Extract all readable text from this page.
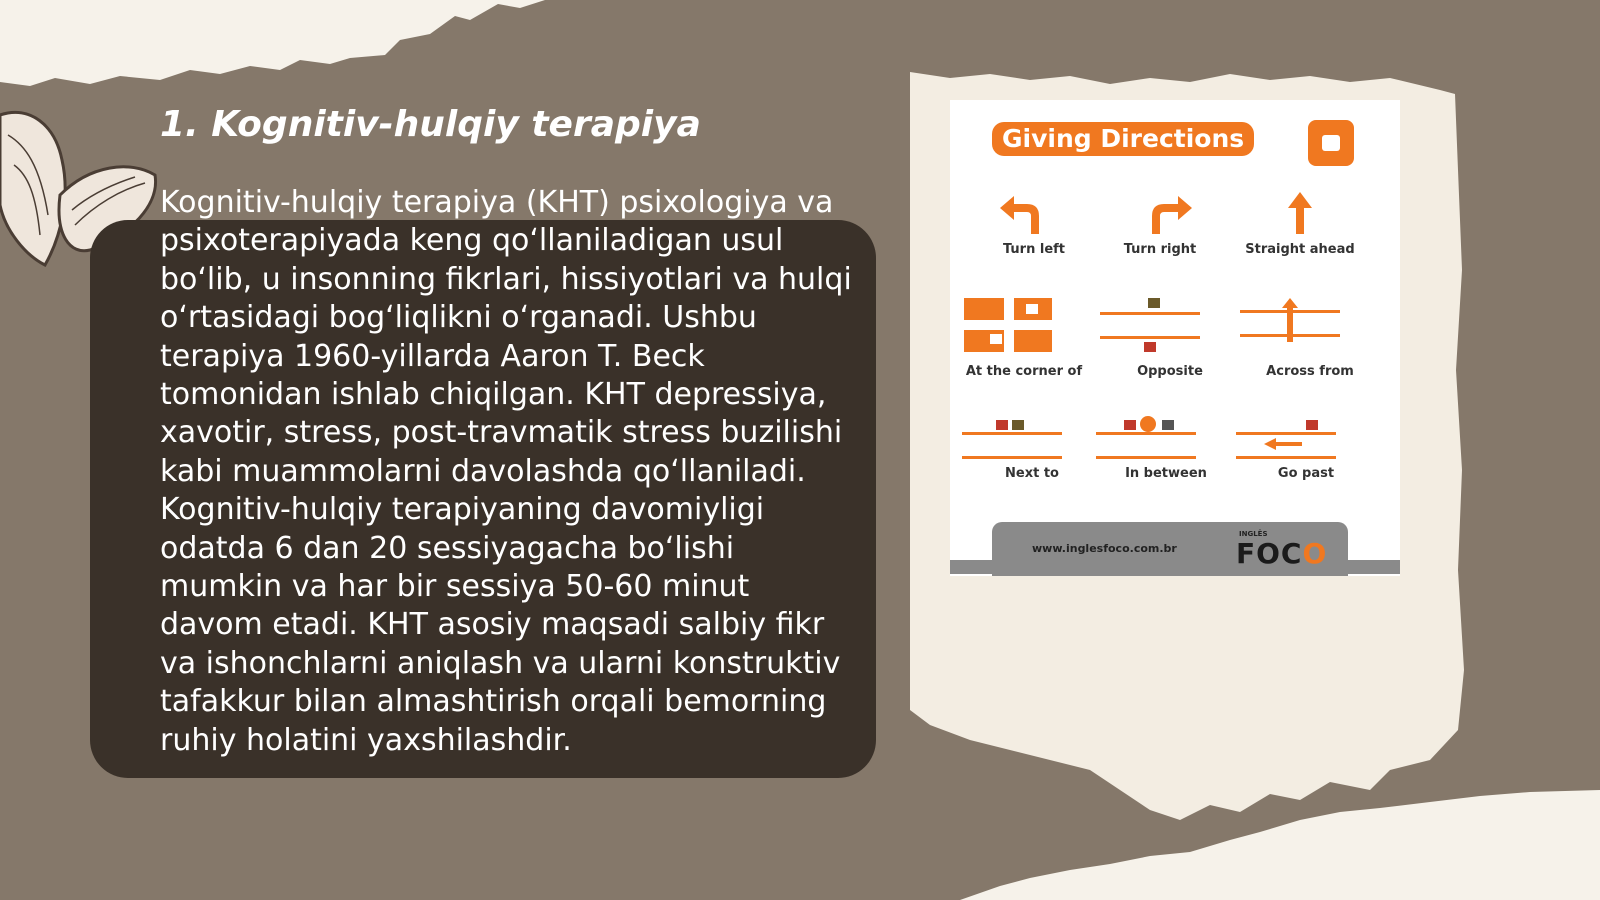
1. Kognitiv-hulqiy terapiya
Kognitiv-hulqiy terapiya (KHT) psixologiya va psixoterapiyada keng qo‘llaniladigan usul bo‘lib, u insonning fikrlari, hissiyotlari va hulqi o‘rtasidagi bog‘liqlikni o‘rganadi. Ushbu terapiya 1960-yillarda Aaron T. Beck tomonidan ishlab chiqilgan. KHT depressiya, xavotir, stress, post-travmatik stress buzilishi kabi muammolarni davolashda qo‘llaniladi. Kognitiv-hulqiy terapiyaning davomiyligi odatda 6 dan 20 sessiyagacha bo‘lishi mumkin va har bir sessiya 50-60 minut davom etadi. KHT asosiy maqsadi salbiy fikr va ishonchlarni aniqlash va ularni konstruktiv tafakkur bilan almashtirish orqali bemorning ruhiy holatini yaxshilashdir.
Giving Directions
Turn left	Turn right	Straight ahead
At the corner of	Opposite	Across from
Next to	In between	Go past
www.inglesfoco.com.br
INGLÊS
FOCO
